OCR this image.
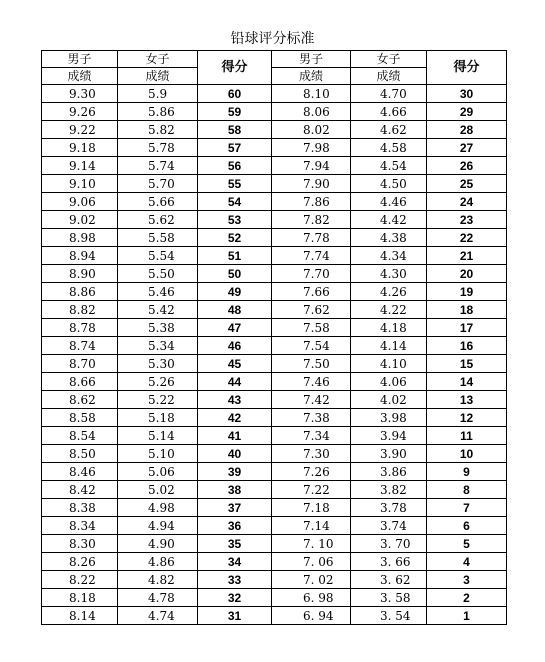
铅球评分标准
男子	女子	得分	男子	女子	得分
成绩	成绩		成绩	成绩	
9.30	5.9	60	8.10	4.70	30
9.26	5.86	59	8.06	4.66	29
9.22	5.82	58	8.02	4.62	28
9.18	5.78	57	7.98	4.58	27
9.14	5.74	56	7.94	4.54	26
9.10	5.70	55	7.90	4.50	25
9.06	5.66	54	7.86	4.46	24
9.02	5.62	53	7.82	4.42	23
8.98	5.58	52	7.78	4.38	22
8.94	5.54	51	7.74	4.34	21
8.90	5.50	50	7.70	4.30	20
8.86	5.46	49	7.66	4.26	19
8.82	5.42	48	7.62	4.22	18
8.78	5.38	47	7.58	4.18	17
8.74	5.34	46	7.54	4.14	16
8.70	5.30	45	7.50	4.10	15
8.66	5.26	44	7.46	4.06	14
8.62	5.22	43	7.42	4.02	13
8.58	5.18	42	7.38	3.98	12
8.54	5.14	41	7.34	3.94	11
8.50	5.10	40	7.30	3.90	10
8.46	5.06	39	7.26	3.86	9
8.42	5.02	38	7.22	3.82	8
8.38	4.98	37	7.18	3.78	7
8.34	4.94	36	7.14	3.74	6
8.30	4.90	35	7. 10	3. 70	5
8.26	4.86	34	7. 06	3. 66	4
8.22	4.82	33	7. 02	3. 62	3
8.18	4.78	32	6. 98	3. 58	2
8.14	4.74	31	6. 94	3. 54	1
